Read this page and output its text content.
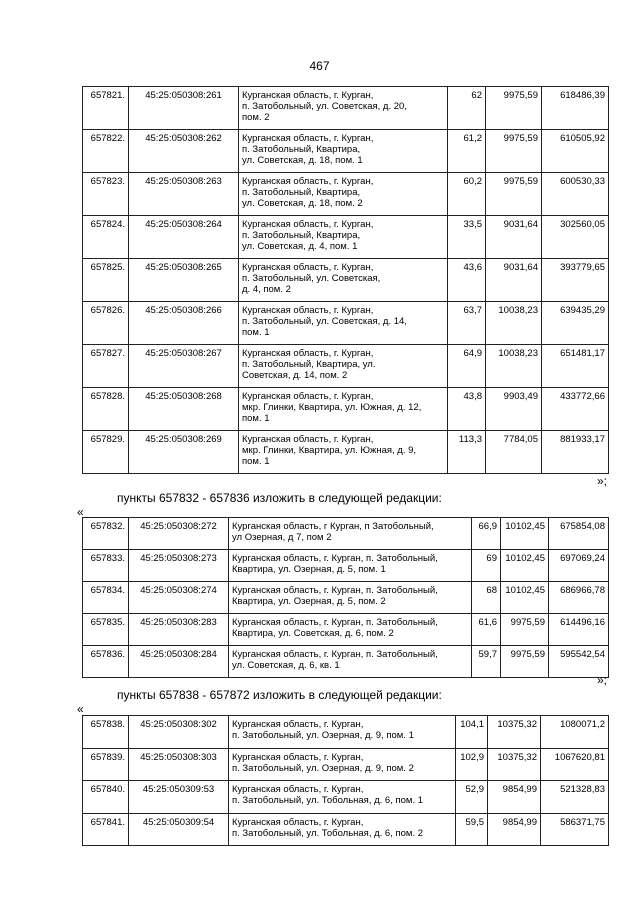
467
657821.	45:25:050308:261	Курганская область, г. Курган,
п. Затобольный, ул. Советская, д. 20,
пом. 2	62	9975,59	618486,39
657822.	45:25:050308:262	Курганская область, г. Курган,
п. Затобольный, Квартира,
ул. Советская, д. 18, пом. 1	61,2	9975,59	610505,92
657823.	45:25:050308:263	Курганская область, г. Курган,
п. Затобольный, Квартира,
ул. Советская, д. 18, пом. 2	60,2	9975,59	600530,33
657824.	45:25:050308:264	Курганская область, г. Курган,
п. Затобольный, Квартира,
ул. Советская, д. 4, пом. 1	33,5	9031,64	302560,05
657825.	45:25:050308:265	Курганская область, г. Курган,
п. Затобольный, ул. Советская,
д. 4, пом. 2	43,6	9031,64	393779,65
657826.	45:25:050308:266	Курганская область, г. Курган,
п. Затобольный, ул. Советская, д. 14,
пом. 1	63,7	10038,23	639435,29
657827.	45:25:050308:267	Курганская область, г. Курган,
п. Затобольный, Квартира, ул.
Советская, д. 14, пом. 2	64,9	10038,23	651481,17
657828.	45:25:050308:268	Курганская область, г. Курган,
мкр. Глинки, Квартира, ул. Южная, д. 12,
пом. 1	43,8	9903,49	433772,66
657829.	45:25:050308:269	Курганская область, г. Курган,
мкр. Глинки, Квартира, ул. Южная, д. 9,
пом. 1	113,3	7784,05	881933,17
»;
пункты 657832 - 657836 изложить в следующей редакции:
«
657832.	45:25:050308:272	Курганская область, г Курган, п Затобольный,
ул Озерная, д 7, пом 2	66,9	10102,45	675854,08
657833.	45:25:050308:273	Курганская область, г. Курган, п. Затобольный,
Квартира, ул. Озерная, д. 5, пом. 1	69	10102,45	697069,24
657834.	45:25:050308:274	Курганская область, г. Курган, п. Затобольный,
Квартира, ул. Озерная, д. 5, пом. 2	68	10102,45	686966,78
657835.	45:25:050308:283	Курганская область, г. Курган, п. Затобольный,
Квартира, ул. Советская, д. 6, пом. 2	61,6	9975,59	614496,16
657836.	45:25:050308:284	Курганская область, г. Курган, п. Затобольный,
ул. Советская, д. 6, кв. 1	59,7	9975,59	595542,54
»;
пункты 657838 - 657872 изложить в следующей редакции:
«
657838.	45:25:050308:302	Курганская область, г. Курган,
п. Затобольный, ул. Озерная, д. 9, пом. 1	104,1	10375,32	1080071,2
657839.	45:25:050308:303	Курганская область, г. Курган,
п. Затобольный, ул. Озерная, д. 9, пом. 2	102,9	10375,32	1067620,81
657840.	45:25:050309:53	Курганская область, г. Курган,
п. Затобольный, ул. Тобольная, д. 6, пом. 1	52,9	9854,99	521328,83
657841.	45:25:050309:54	Курганская область, г. Курган,
п. Затобольный, ул. Тобольная, д. 6, пом. 2	59,5	9854,99	586371,75
